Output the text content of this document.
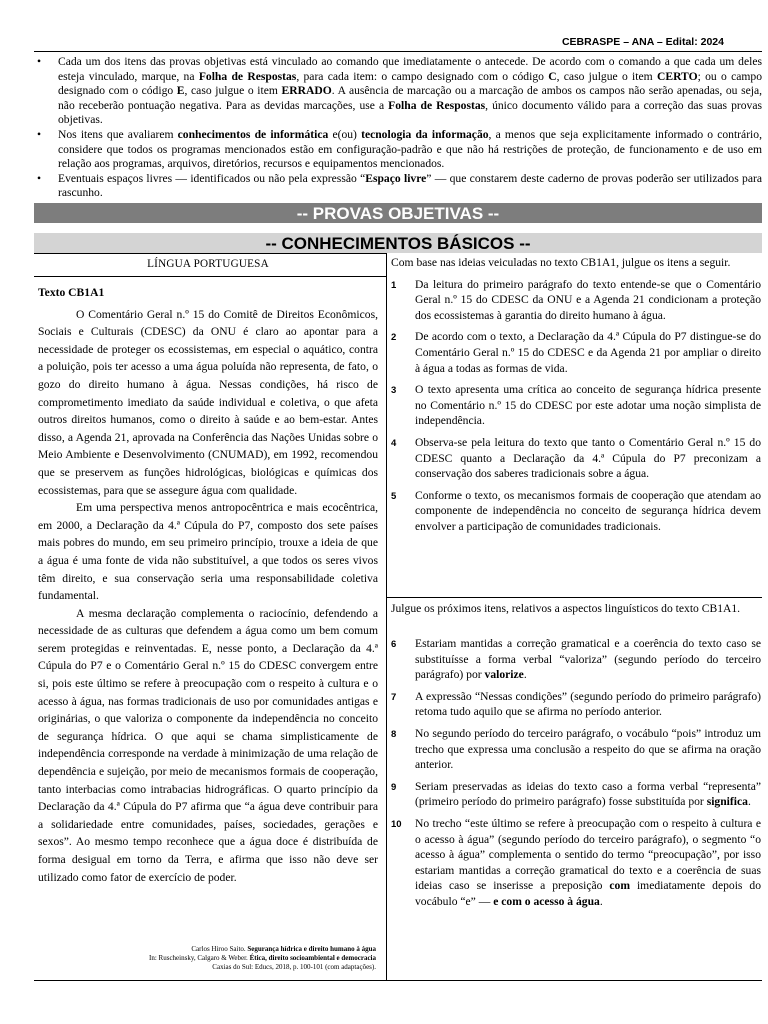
CEBRASPE – ANA – Edital: 2024
• Cada um dos itens das provas objetivas está vinculado ao comando que imediatamente o antecede. De acordo com o comando a que cada um deles esteja vinculado, marque, na Folha de Respostas, para cada item: o campo designado com o código C, caso julgue o item CERTO; ou o campo designado com o código E, caso julgue o item ERRADO. A ausência de marcação ou a marcação de ambos os campos não serão apenadas, ou seja, não receberão pontuação negativa. Para as devidas marcações, use a Folha de Respostas, único documento válido para a correção das suas provas objetivas.
• Nos itens que avaliarem conhecimentos de informática e(ou) tecnologia da informação, a menos que seja explicitamente informado o contrário, considere que todos os programas mencionados estão em configuração-padrão e que não há restrições de proteção, de funcionamento e de uso em relação aos programas, arquivos, diretórios, recursos e equipamentos mencionados.
• Eventuais espaços livres — identificados ou não pela expressão “Espaço livre” — que constarem deste caderno de provas poderão ser utilizados para rascunho.
-- PROVAS OBJETIVAS --
-- CONHECIMENTOS BÁSICOS --
LÍNGUA PORTUGUESA
Texto CB1A1

O Comentário Geral n.º 15 do Comitê de Direitos Econômicos, Sociais e Culturais (CDESC) da ONU é claro ao apontar para a necessidade de proteger os ecossistemas, em especial o aquático, contra a poluição, pois ter acesso a uma água poluída não representa, de fato, o gozo do direito humano à água. Nessas condições, há risco de comprometimento imediato da saúde individual e coletiva, o que afeta outros direitos humanos, como o direito à saúde e ao bem-estar. Antes disso, a Agenda 21, aprovada na Conferência das Nações Unidas sobre o Meio Ambiente e Desenvolvimento (CNUMAD), em 1992, recomendou que se preservem as funções hidrológicas, biológicas e químicas dos ecossistemas, para que se assegure água com qualidade.

Em uma perspectiva menos antropocêntrica e mais ecocêntrica, em 2000, a Declaração da 4.ª Cúpula do P7, composto dos sete países mais pobres do mundo, em seu primeiro princípio, trouxe a ideia de que a água é uma fonte de vida não substituível, a que todos os seres vivos têm direito, e sua conservação seria uma responsabilidade coletiva fundamental.

A mesma declaração complementa o raciocínio, defendendo a necessidade de as culturas que defendem a água como um bem comum serem protegidas e reinventadas. E, nesse ponto, a Declaração da 4.ª Cúpula do P7 e o Comentário Geral n.º 15 do CDESC convergem entre si, pois este último se refere à preocupação com o respeito à cultura e o acesso à água, nas formas tradicionais de uso por comunidades antigas e originárias, o que valoriza o componente da independência no conceito de segurança hídrica. O que aqui se chama simplisticamente de independência corresponde na verdade à minimização de uma relação de dependência e sujeição, por meio de mecanismos formais de cooperação, tanto interbacias como intrabacias hidrográficas. O quarto princípio da Declaração da 4.ª Cúpula do P7 afirma que “a água deve contribuir para a solidariedade entre comunidades, países, sociedades, gerações e sexos”. Ao mesmo tempo reconhece que a água doce é distribuída de forma desigual em torno da Terra, e afirma que isso não deve ser utilizado como fator de exercício de poder.

Carlos Hiroo Saito. Segurança hídrica e direito humano à água
In: Ruscheinsky, Calgaro & Weber. Ética, direito socioambiental e democracia
Caxias do Sul: Educs, 2018, p. 100-101 (com adaptações).

Com base nas ideias veiculadas no texto CB1A1, julgue os itens a seguir.

1 Da leitura do primeiro parágrafo do texto entende-se que o Comentário Geral n.º 15 do CDESC da ONU e a Agenda 21 condicionam a proteção dos ecossistemas à garantia do direito humano à água.
2 De acordo com o texto, a Declaração da 4.ª Cúpula do P7 distingue-se do Comentário Geral n.º 15 do CDESC e da Agenda 21 por ampliar o direito à água a todas as formas de vida.
3 O texto apresenta uma crítica ao conceito de segurança hídrica presente no Comentário n.º 15 do CDESC por este adotar uma noção simplista de independência.
4 Observa-se pela leitura do texto que tanto o Comentário Geral n.º 15 do CDESC quanto a Declaração da 4.ª Cúpula do P7 preconizam a conservação dos saberes tradicionais sobre a água.
5 Conforme o texto, os mecanismos formais de cooperação que atendam ao componente de independência no conceito de segurança hídrica devem envolver a participação de comunidades tradicionais.
Julgue os próximos itens, relativos a aspectos linguísticos do texto CB1A1.
6 Estariam mantidas a correção gramatical e a coerência do texto caso se substituísse a forma verbal “valoriza” (segundo período do terceiro parágrafo) por valorize.
7 A expressão “Nessas condições” (segundo período do primeiro parágrafo) retoma tudo aquilo que se afirma no período anterior.
8 No segundo período do terceiro parágrafo, o vocábulo “pois” introduz um trecho que expressa uma conclusão a respeito do que se afirma na oração anterior.
9 Seriam preservadas as ideias do texto caso a forma verbal “representa” (primeiro período do primeiro parágrafo) fosse substituída por significa.
10 No trecho “este último se refere à preocupação com o respeito à cultura e o acesso à água” (segundo período do terceiro parágrafo), o segmento “o acesso à água” complementa o sentido do termo “preocupação”, por isso estariam mantidas a correção gramatical do texto e a coerência de suas ideias caso se inserisse a preposição com imediatamente depois do vocábulo “e” — e com o acesso à água.
